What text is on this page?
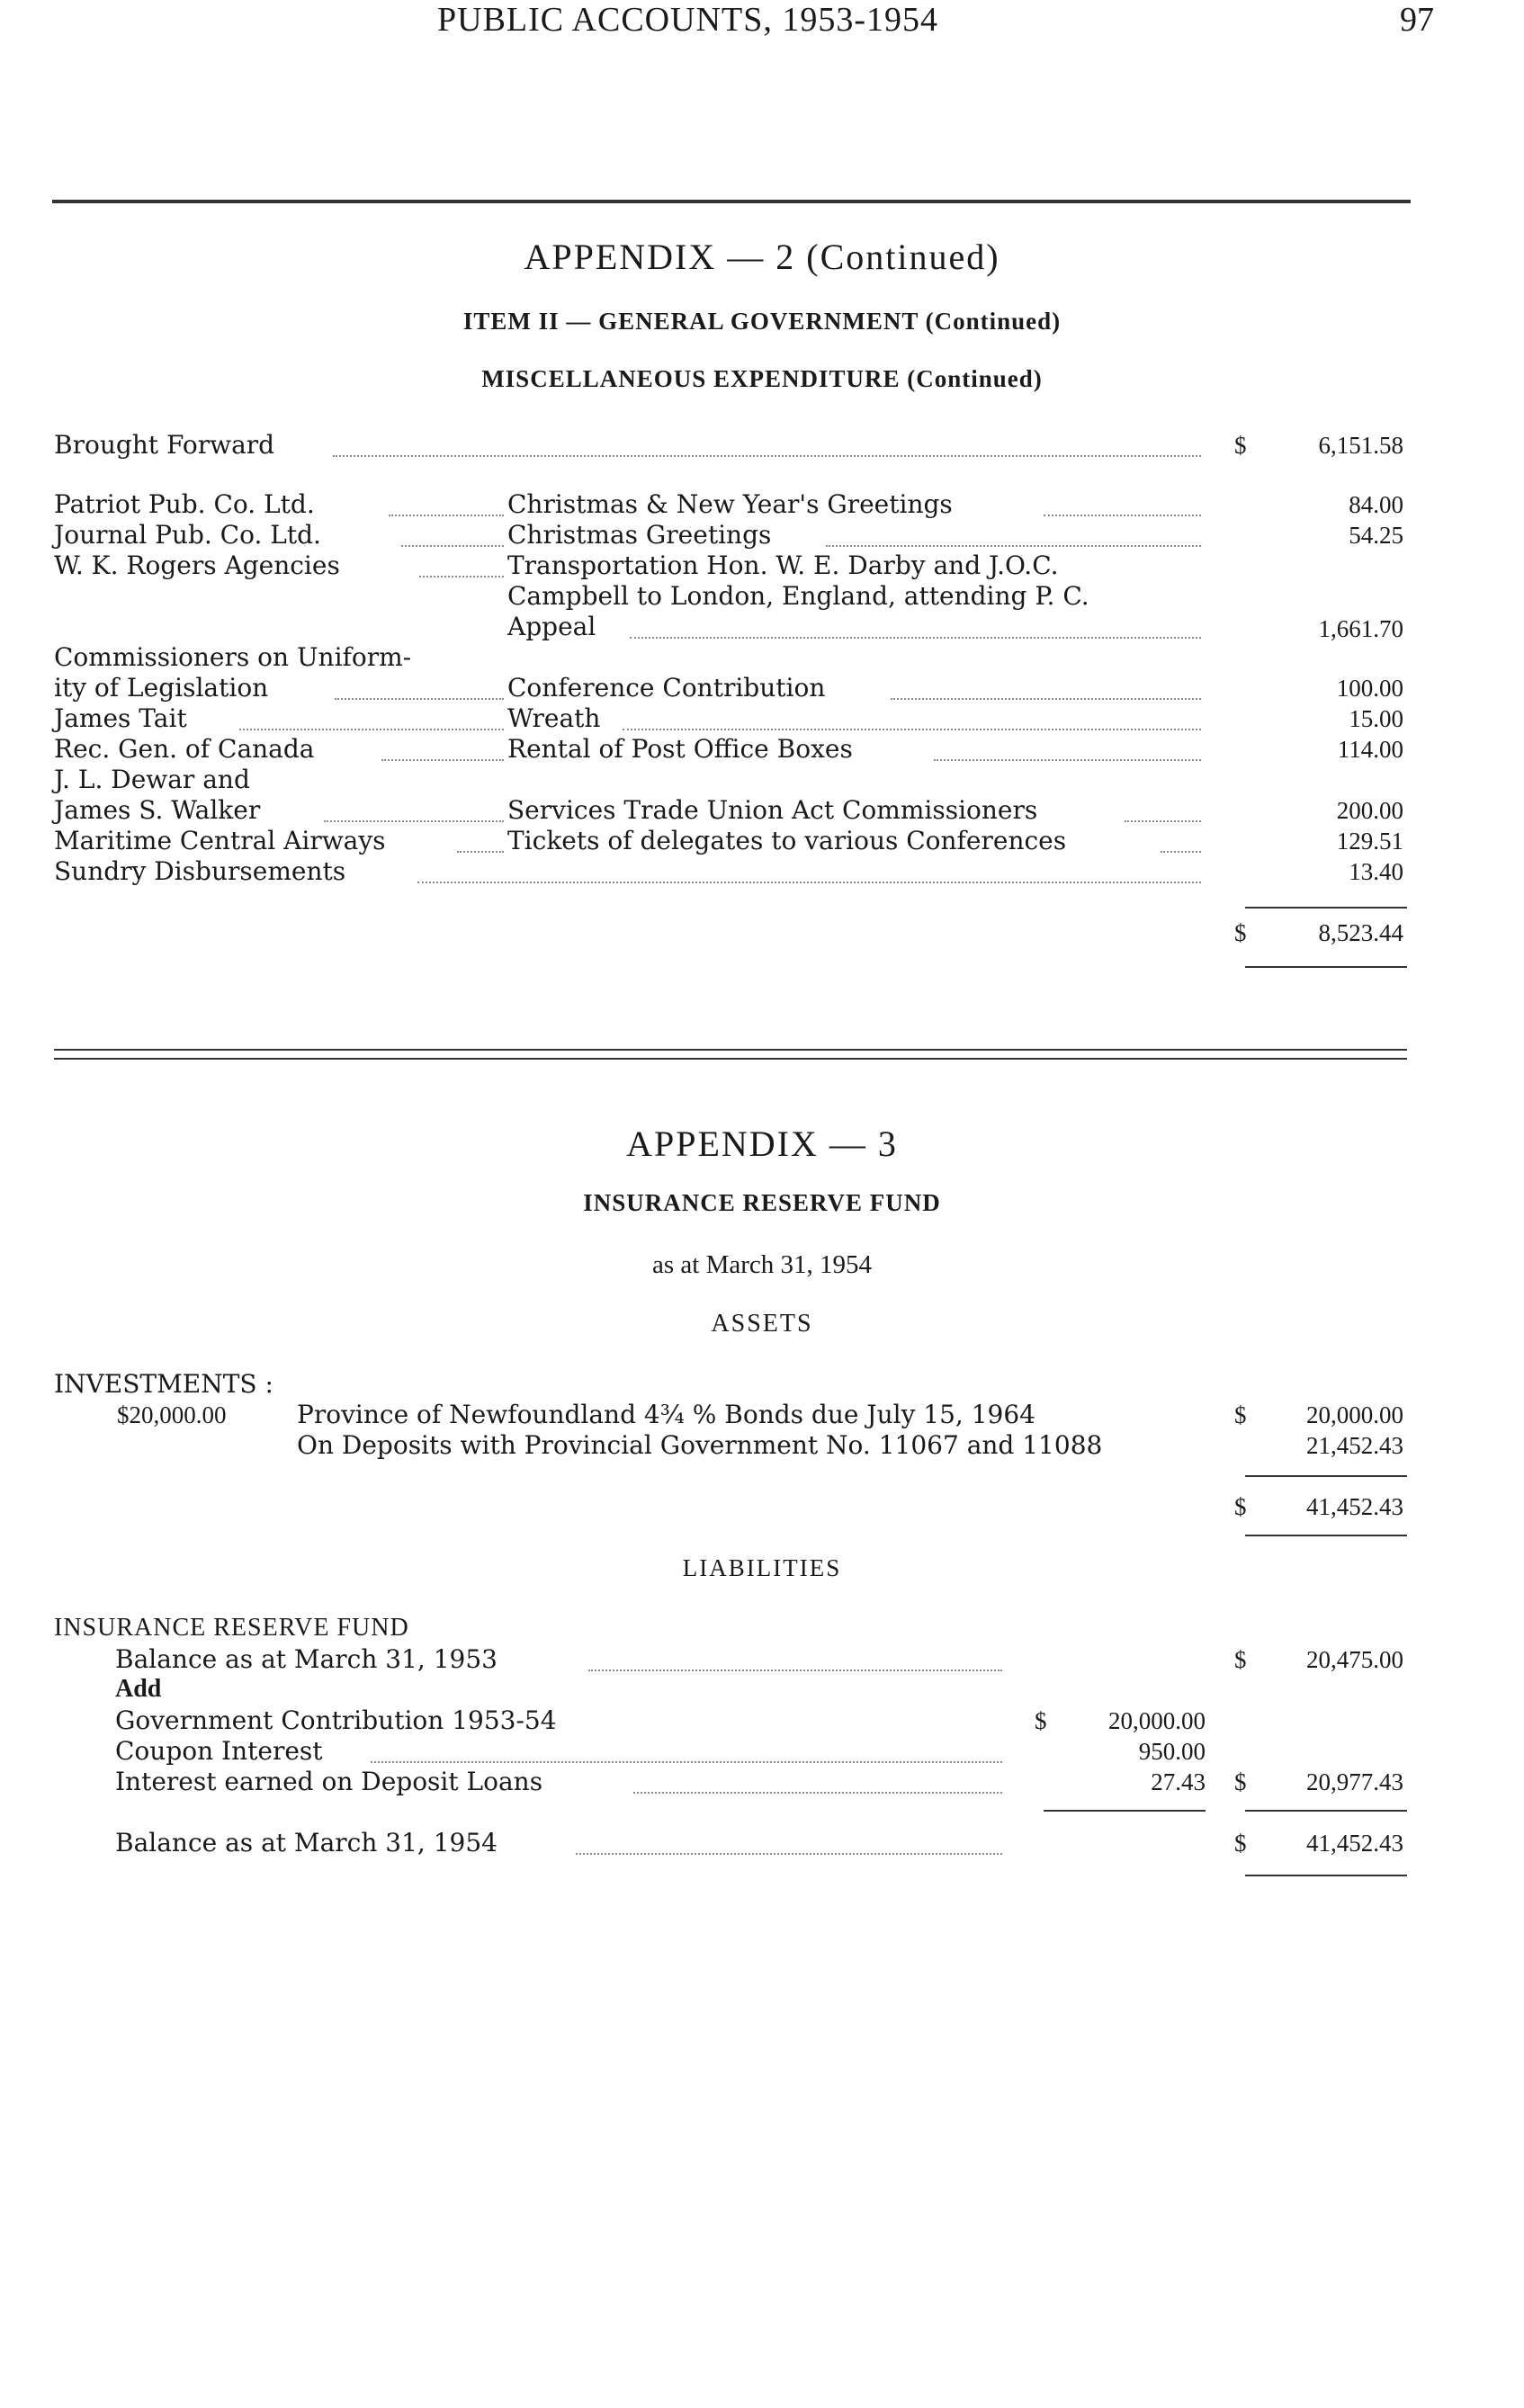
PUBLIC ACCOUNTS, 1953-1954	97
APPENDIX — 2 (Continued)
ITEM II — GENERAL GOVERNMENT (Continued)
MISCELLANEOUS EXPENDITURE (Continued)
Brought Forward	$	6,151.58
Patriot Pub. Co. Ltd.	Christmas & New Year's Greetings	84.00
Journal Pub. Co. Ltd.	Christmas Greetings	54.25
W. K. Rogers Agencies	Transportation Hon. W. E. Darby and J.O.C.
Campbell to London, England, attending P. C.
Appeal	1,661.70
Commissioners on Uniform-
ity of Legislation	Conference Contribution	100.00
James Tait	Wreath	15.00
Rec. Gen. of Canada	Rental of Post Office Boxes	114.00
J. L. Dewar and
James S. Walker	Services Trade Union Act Commissioners	200.00
Maritime Central Airways	Tickets of delegates to various Conferences	129.51
Sundry Disbursements	13.40
$	8,523.44
APPENDIX — 3
INSURANCE RESERVE FUND
as at March 31, 1954
ASSETS
INVESTMENTS :
$20,000.00	Province of Newfoundland 4¾ % Bonds due July 15, 1964	$	20,000.00
On Deposits with Provincial Government No. 11067 and 11088	21,452.43
$	41,452.43
LIABILITIES
INSURANCE RESERVE FUND
Balance as at March 31, 1953	$	20,475.00
Add
Government Contribution 1953-54	$	20,000.00
Coupon Interest	950.00
Interest earned on Deposit Loans	27.43 $	20,977.43
Balance as at March 31, 1954	$	41,452.43
